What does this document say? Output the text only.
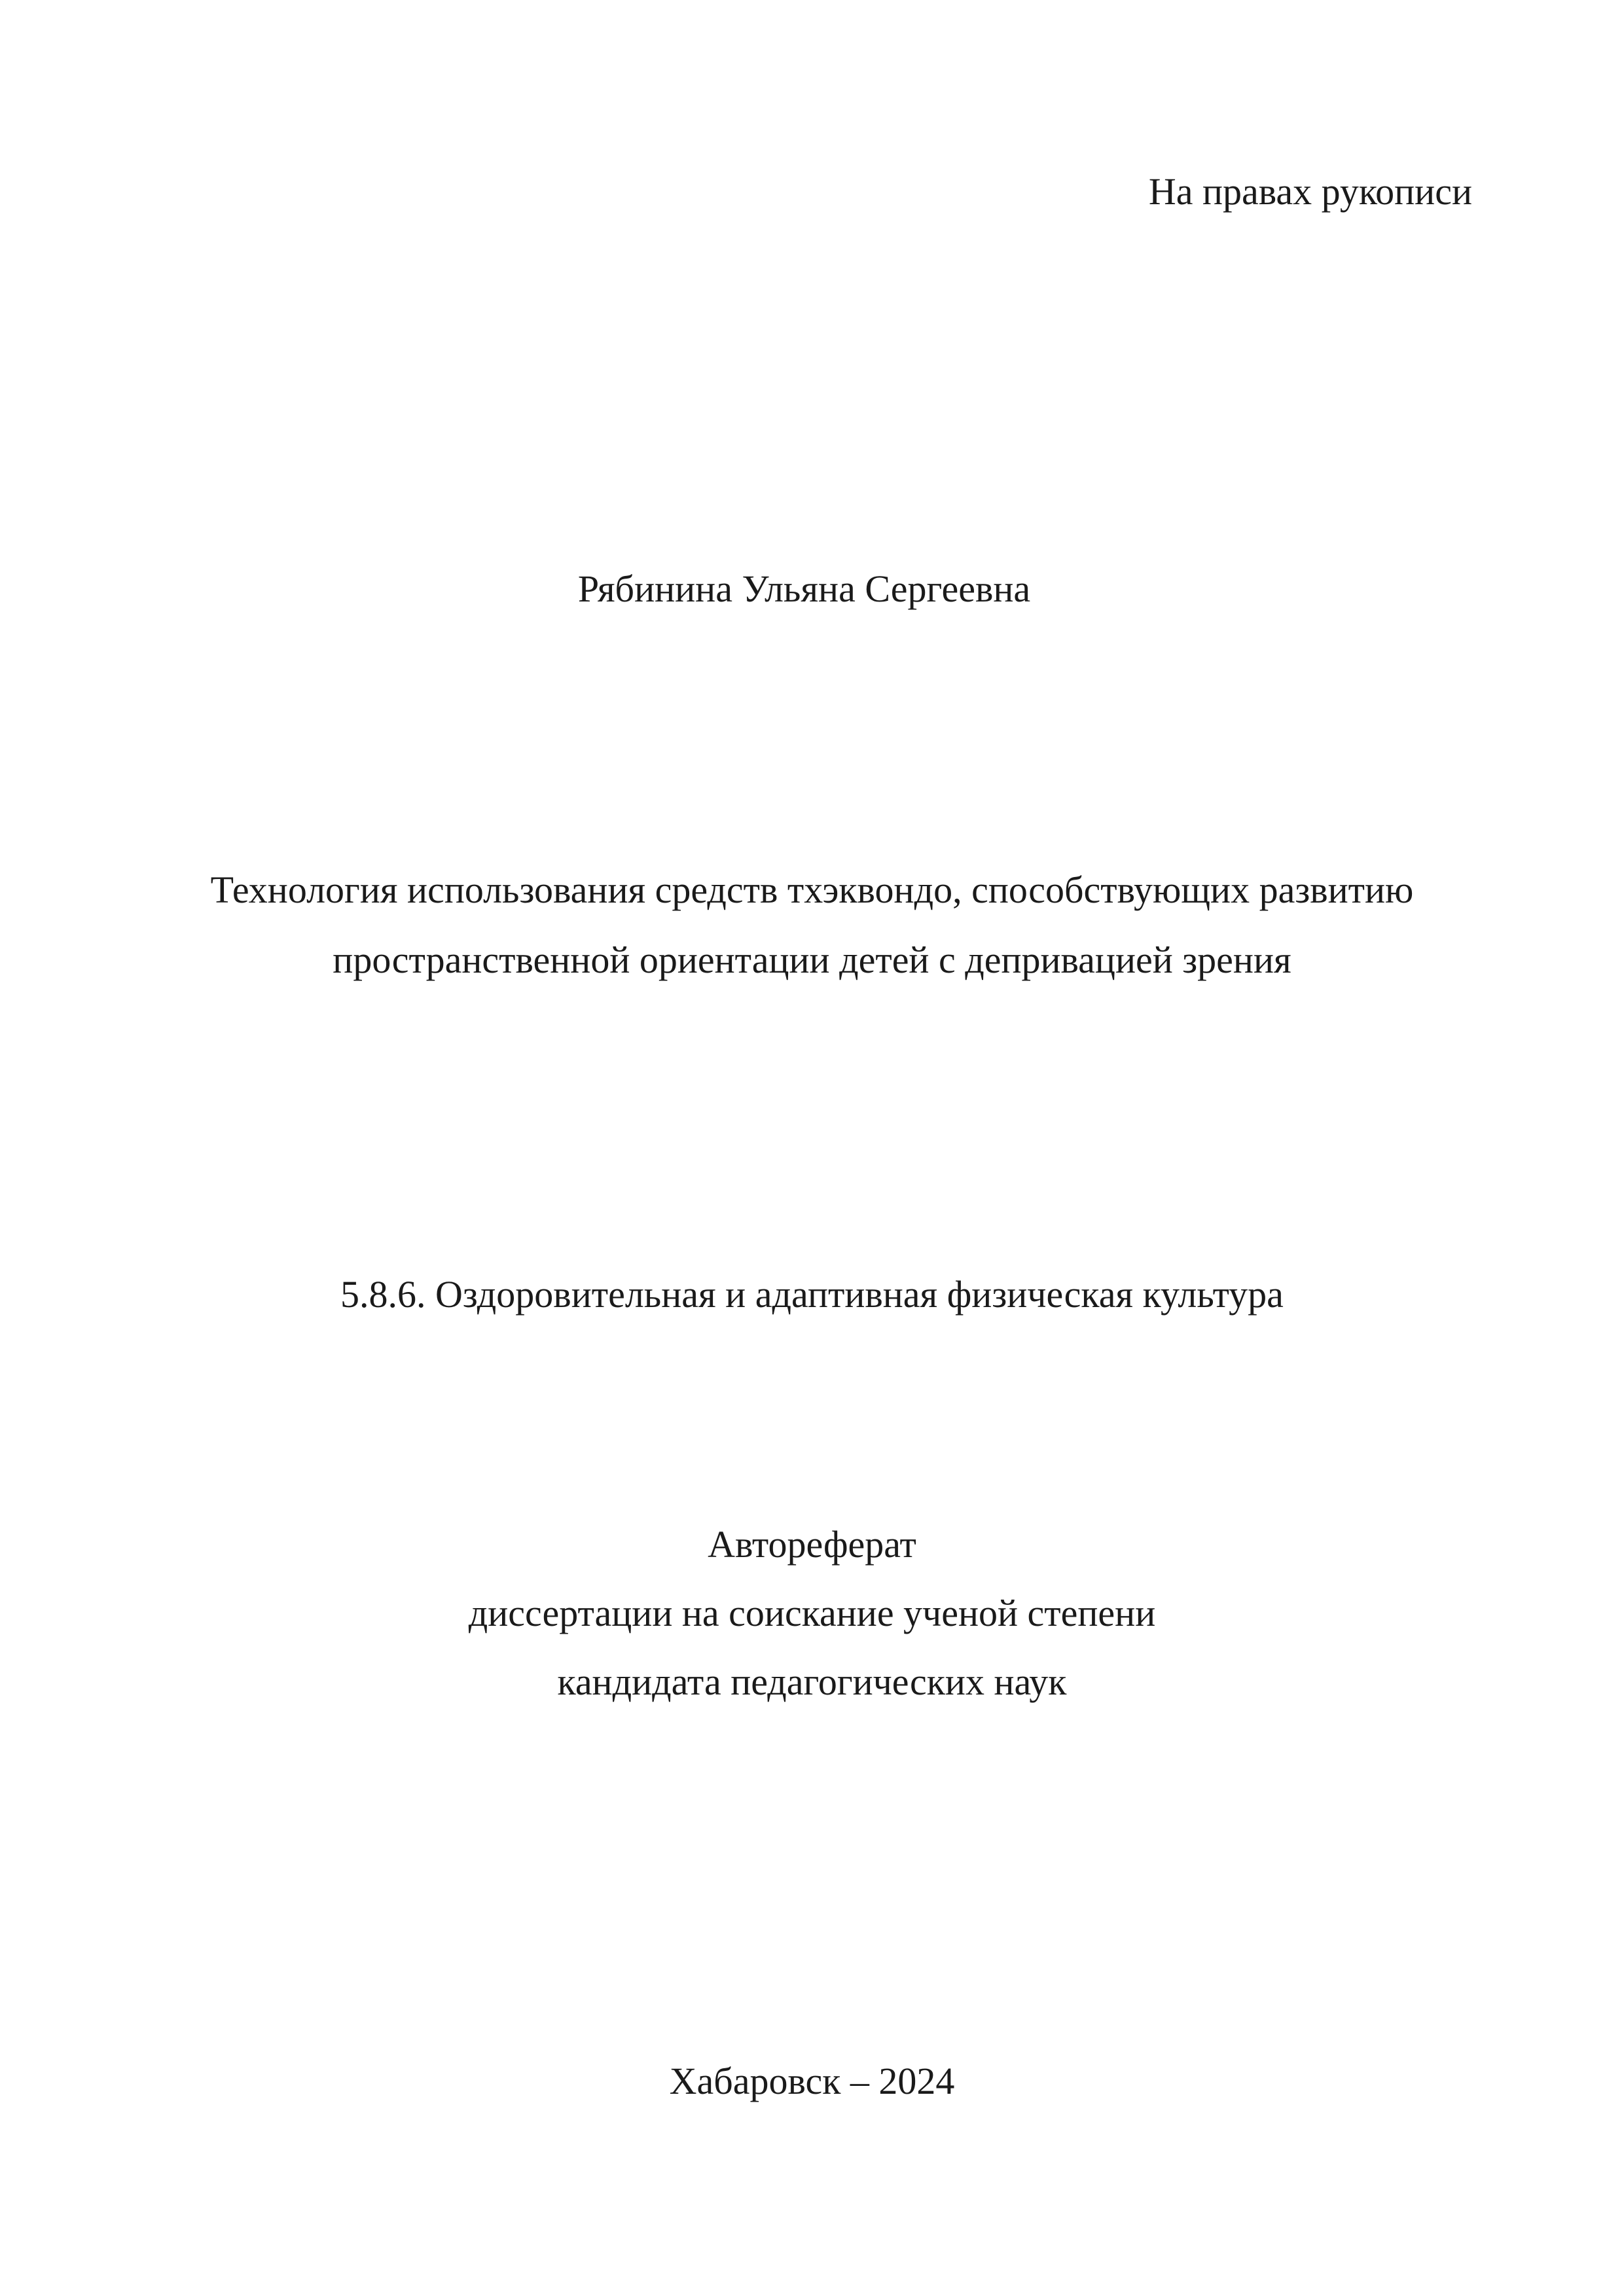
На правах рукописи

Рябинина Ульяна Сергеевна

Технология использования средств тхэквондо, способствующих развитию

пространственной ориентации детей с депривацией зрения

5.8.6. Оздоровительная и адаптивная физическая культура

Автореферат

диссертации на соискание ученой степени

кандидата педагогических наук

Хабаровск – 2024
